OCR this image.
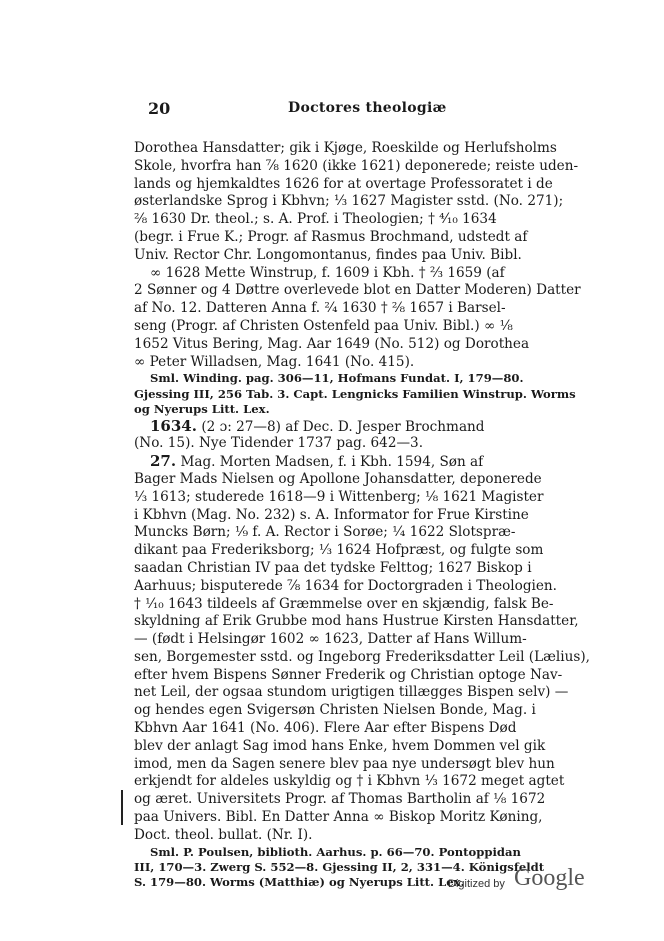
20	Doctores theologiæ
Dorothea Hansdatter; gik i Kjøge, Roeskilde og Herlufsholms
Skole, hvorfra han ⅞ 1620 (ikke 1621) deponerede; reiste uden-
lands og hjemkaldtes 1626 for at overtage Professoratet i de
østerlandske Sprog i Kbhvn; ⅓ 1627 Magister sstd. (No. 271);
²⁄₈ 1630 Dr. theol.; s. A. Prof. i Theologien; † ⁴⁄₁₀ 1634
(begr. i Frue K.; Progr. af Rasmus Brochmand, udstedt af
Univ. Rector Chr. Longomontanus, findes paa Univ. Bibl.
∞ 1628 Mette Winstrup, f. 1609 i Kbh. † ⅔ 1659 (af
2 Sønner og 4 Døttre overlevede blot en Datter Moderen) Datter
af No. 12. Datteren Anna f. ²⁄₄ 1630 † ²⁄₈ 1657 i Barsel-
seng (Progr. af Christen Ostenfeld paa Univ. Bibl.) ∞ ¹⁄₈
1652 Vitus Bering, Mag. Aar 1649 (No. 512) og Dorothea
∞ Peter Willadsen, Mag. 1641 (No. 415).
Sml. Winding. pag. 306—11, Hofmans Fundat. I, 179—80.
Gjessing III, 256 Tab. 3. Capt. Lengnicks Familien Winstrup. Worms
og Nyerups Litt. Lex.
1634. (2 ɔ: 27—8) af Dec. D. Jesper Brochmand
(No. 15). Nye Tidender 1737 pag. 642—3.
27. Mag. Morten Madsen, f. i Kbh. 1594, Søn af
Bager Mads Nielsen og Apollone Johansdatter, deponerede
¹⁄₃ 1613; studerede 1618—9 i Wittenberg; ¹⁄₈ 1621 Magister
i Kbhvn (Mag. No. 232) s. A. Informator for Frue Kirstine
Muncks Børn; ¹⁄₉ f. A. Rector i Sorøe; ¹⁄₄ 1622 Slotspræ-
dikant paa Frederiksborg; ¹⁄₃ 1624 Hofpræst, og fulgte som
saadan Christian IV paa det tydske Felttog; 1627 Biskop i
Aarhuus; bisputerede ⅞ 1634 for Doctorgraden i Theologien.
† ¹⁄₁₀ 1643 tildeels af Græmmelse over en skjændig, falsk Be-
skyldning af Erik Grubbe mod hans Hustrue Kirsten Hansdatter,
— (født i Helsingør 1602 ∞ 1623, Datter af Hans Willum-
sen, Borgemester sstd. og Ingeborg Frederiksdatter Leil (Lælius),
efter hvem Bispens Sønner Frederik og Christian optoge Nav-
net Leil, der ogsaa stundom urigtigen tillægges Bispen selv) —
og hendes egen Svigersøn Christen Nielsen Bonde, Mag. i
Kbhvn Aar 1641 (No. 406). Flere Aar efter Bispens Død
blev der anlagt Sag imod hans Enke, hvem Dommen vel gik
imod, men da Sagen senere blev paa nye undersøgt blev hun
erkjendt for aldeles uskyldig og † i Kbhvn ⅓ 1672 meget agtet
og æret. Universitets Progr. af Thomas Bartholin af ¹⁄₈ 1672
paa Univers. Bibl. En Datter Anna ∞ Biskop Moritz Køning,
Doct. theol. bullat. (Nr. I).
Sml. P. Poulsen, biblioth. Aarhus. p. 66—70. Pontoppidan
III, 170—3. Zwerg S. 552—8. Gjessing II, 2, 331—4. Königsfeldt
S. 179—80. Worms (Matthiæ) og Nyerups Litt. Lex.
Digitized by Google
